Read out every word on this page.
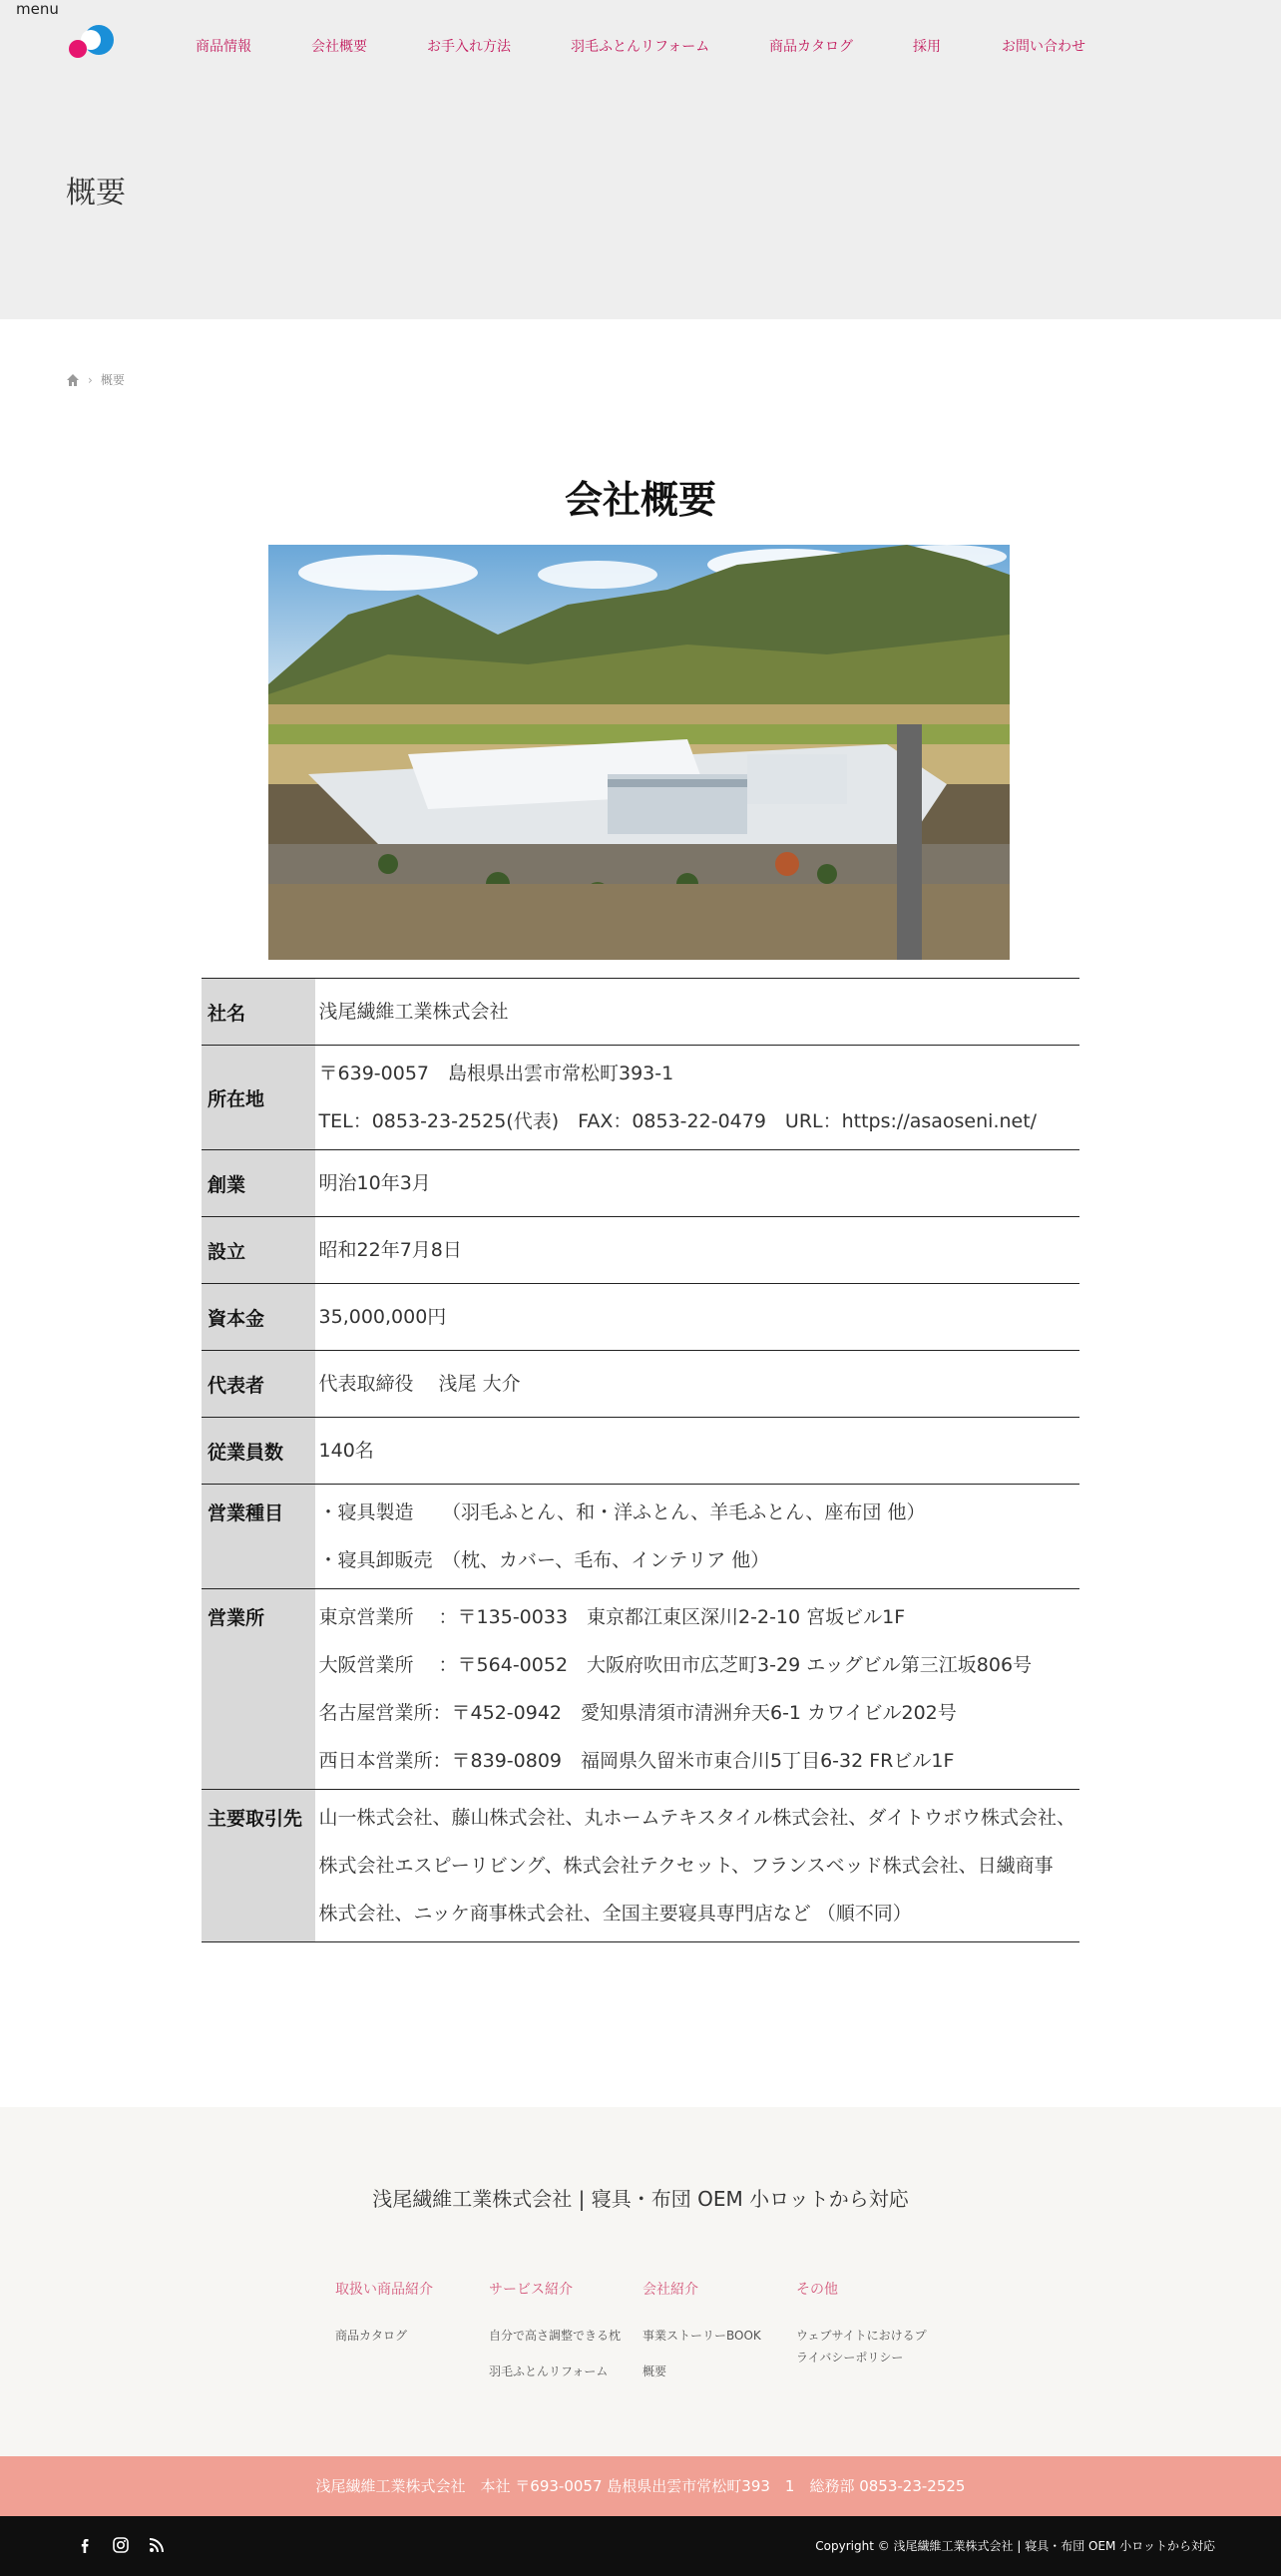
menu
商品情報	会社概要	お手入れ方法	羽毛ふとんリフォーム	商品カタログ	採用	お問い合わせ
概要
› 概要
会社概要
社名	浅尾繊維工業株式会社

所在地	〒639-0057　島根県出雲市常松町393-1
TEL：0853-23-2525(代表)　FAX：0853-22-0479　URL：https://asaoseni.net/

創業	明治10年3月

設立	昭和22年7月8日

資本金	35,000,000円

代表者	代表取締役　 浅尾 大介

従業員数	140名

営業種目	・寝具製造　　（羽毛ふとん、和・洋ふとん、羊毛ふとん、座布団 他）
・寝具卸販売　（枕、カバー、毛布、インテリア 他）

営業所	東京営業所　 ：〒135-0033　東京都江東区深川2-2-10 宮坂ビル1F
大阪営業所　 ：〒564-0052　大阪府吹田市広芝町3-29 エッグビル第三江坂806号
名古屋営業所：〒452-0942　愛知県清須市清洲弁天6-1 カワイビル202号
西日本営業所：〒839-0809　福岡県久留米市東合川5丁目6-32 FRビル1F

主要取引先	山一株式会社、藤山株式会社、丸ホームテキスタイル株式会社、ダイトウボウ株式会社、
株式会社エスピーリビング、株式会社テクセット、フランスベッド株式会社、日繊商事
株式会社、ニッケ商事株式会社、全国主要寝具専門店など （順不同）
浅尾繊維工業株式会社 | 寝具・布団 OEM 小ロットから対応
取扱い商品紹介
商品カタログ
サービス紹介
自分で高さ調整できる枕
羽毛ふとんリフォーム
会社紹介
事業ストーリーBOOK
概要
その他
ウェブサイトにおけるプライバシーポリシー
浅尾繊維工業株式会社　本社 〒693-0057 島根県出雲市常松町393　1　総務部 0853-23-2525
Copyright © 浅尾繊維工業株式会社 | 寝具・布団 OEM 小ロットから対応
